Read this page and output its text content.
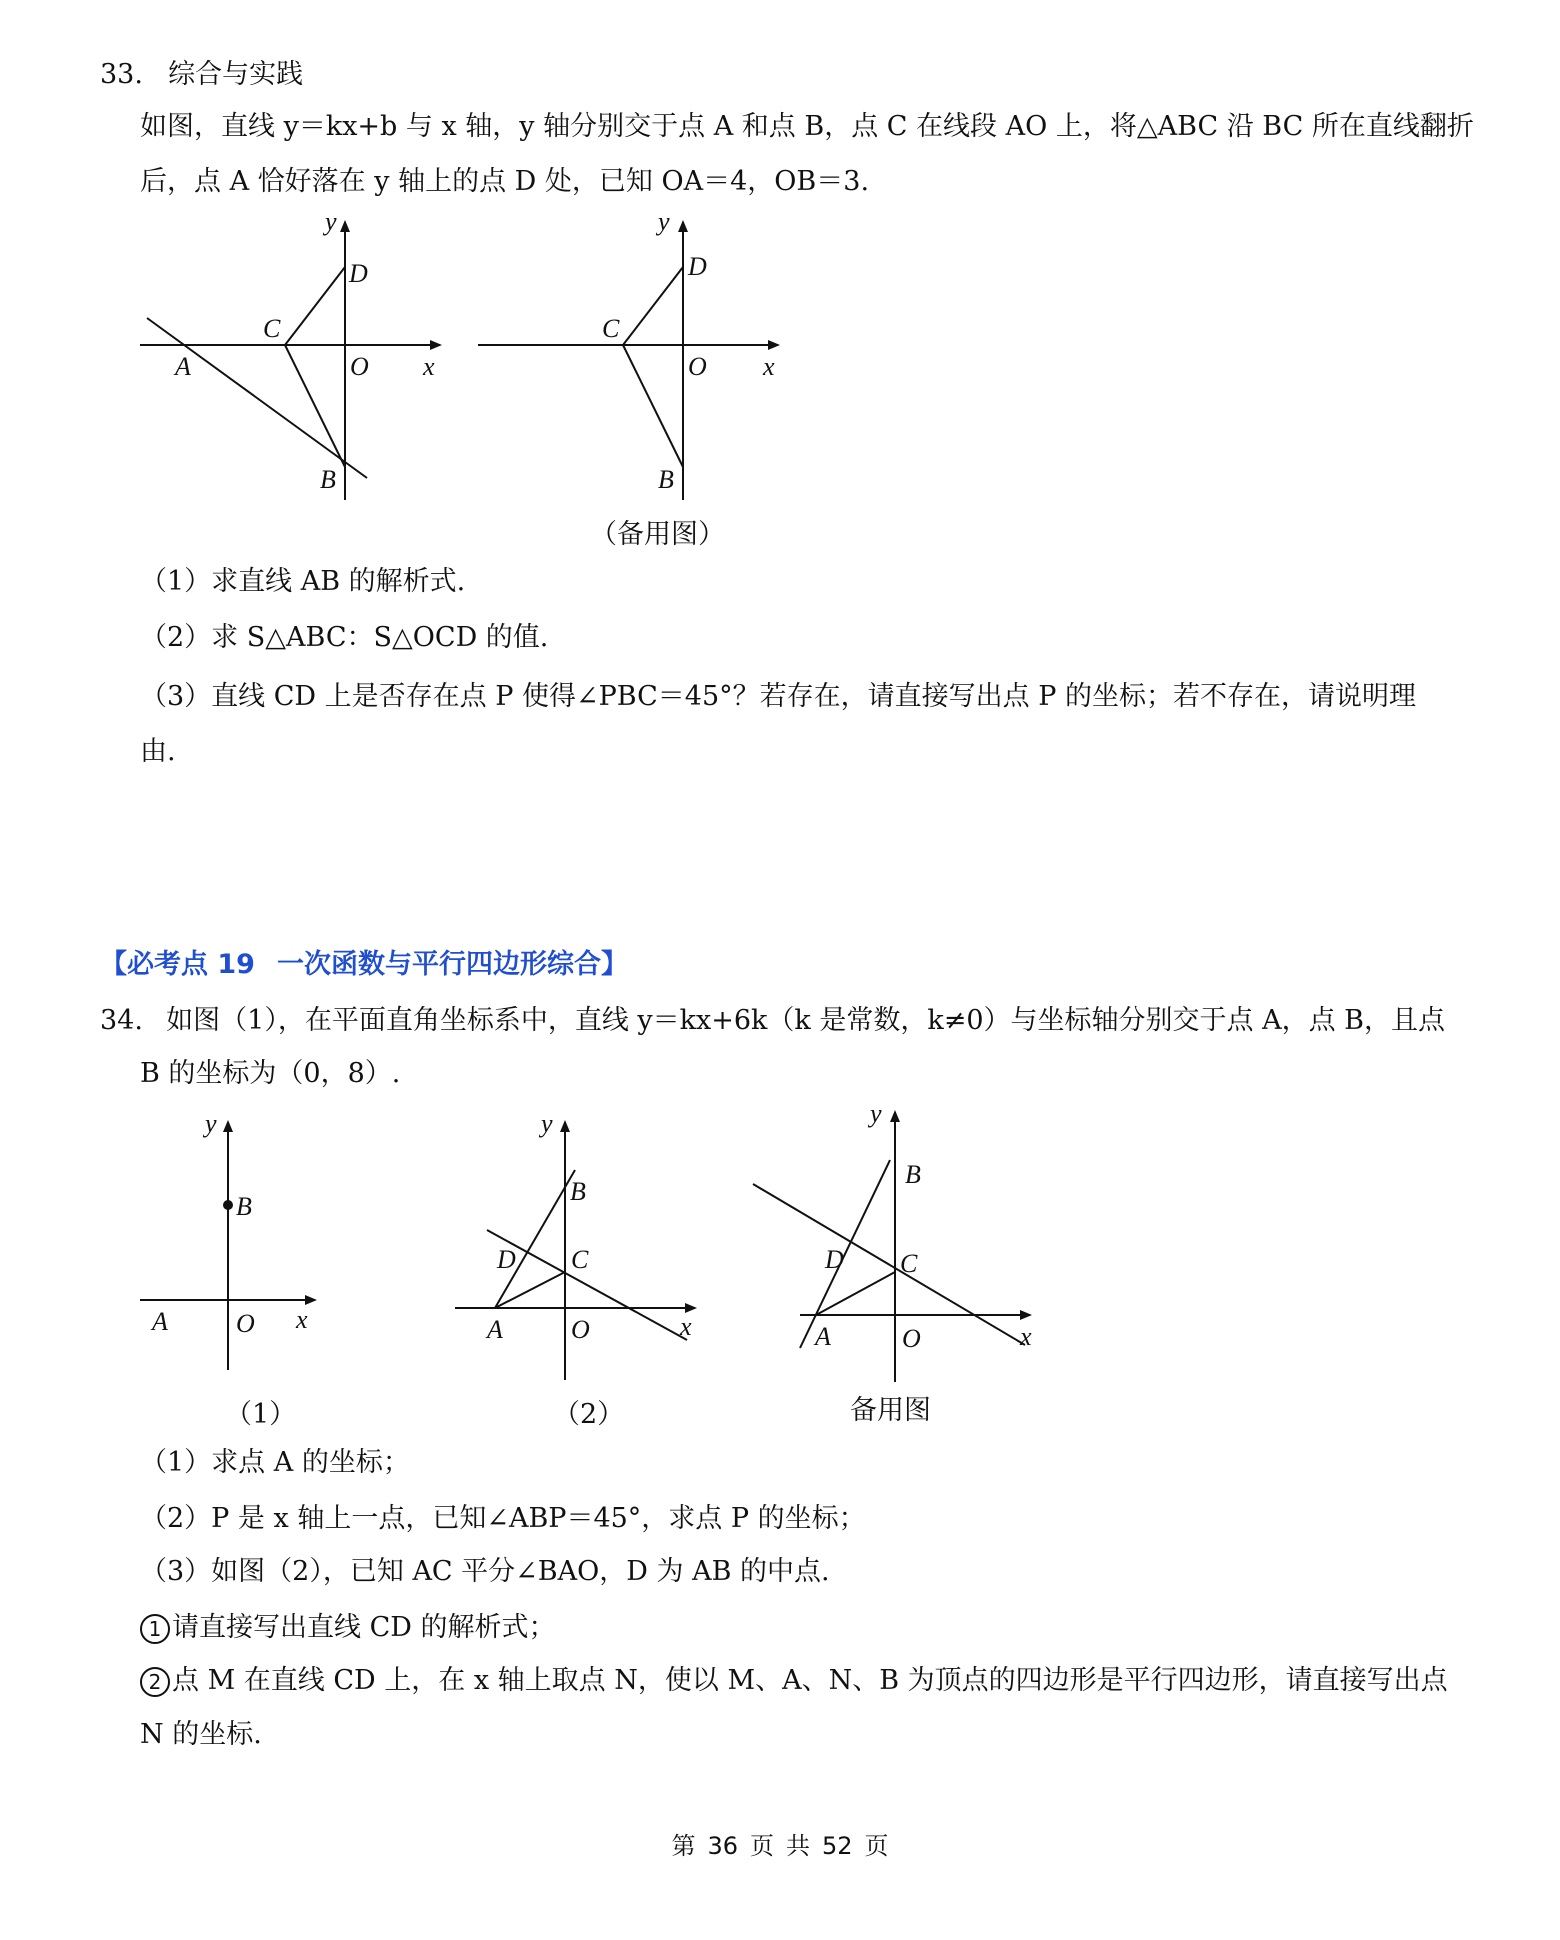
33. 综合与实践
如图，直线 y＝kx+b 与 x 轴，y 轴分别交于点 A 和点 B，点 C 在线段 AO 上，将△ABC 沿 BC 所在直线翻折
后，点 A 恰好落在 y 轴上的点 D 处，已知 OA＝4，OB＝3.
y
D
C
A	O x
B
y
D
C
O x
B
（备用图）
（1）求直线 AB 的解析式.
（2）求 S△ABC：S△OCD 的值.
（3）直线 CD 上是否存在点 P 使得∠PBC＝45°？若存在，请直接写出点 P 的坐标；若不存在，请说明理
由.
【必考点 19 一次函数与平行四边形综合】
34. 如图（1），在平面直角坐标系中，直线 y＝kx+6k（k 是常数，k≠0）与坐标轴分别交于点 A，点 B，且点
B 的坐标为（0，8）.
y
B
A	O x
（1）
y
B
D C
A	O	x
（2）
y
B
D C
A	O	x
备用图
（1）求点 A 的坐标；
（2）P 是 x 轴上一点，已知∠ABP＝45°，求点 P 的坐标；
（3）如图（2），已知 AC 平分∠BAO，D 为 AB 的中点.
1 请直接写出直线 CD 的解析式；
2 点 M 在直线 CD 上，在 x 轴上取点 N，使以 M、A、N、B 为顶点的四边形是平行四边形，请直接写出点
N 的坐标.
第 36 页 共 52 页
